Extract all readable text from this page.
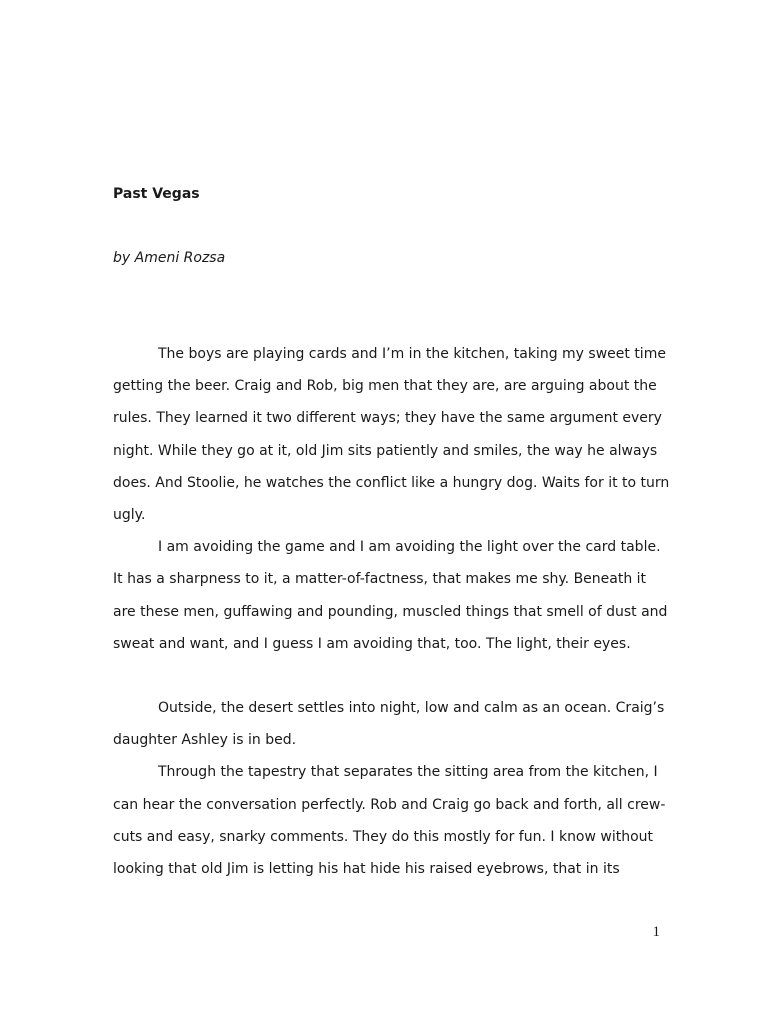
Past Vegas

by Ameni Rozsa

The boys are playing cards and I’m in the kitchen, taking my sweet time
getting the beer. Craig and Rob, big men that they are, are arguing about the
rules. They learned it two different ways; they have the same argument every
night. While they go at it, old Jim sits patiently and smiles, the way he always
does. And Stoolie, he watches the conflict like a hungry dog. Waits for it to turn
ugly.
I am avoiding the game and I am avoiding the light over the card table.
It has a sharpness to it, a matter-of-factness, that makes me shy. Beneath it
are these men, guffawing and pounding, muscled things that smell of dust and
sweat and want, and I guess I am avoiding that, too. The light, their eyes.
Outside, the desert settles into night, low and calm as an ocean. Craig’s
daughter Ashley is in bed.
Through the tapestry that separates the sitting area from the kitchen, I
can hear the conversation perfectly. Rob and Craig go back and forth, all crew-
cuts and easy, snarky comments. They do this mostly for fun. I know without
looking that old Jim is letting his hat hide his raised eyebrows, that in its
1
